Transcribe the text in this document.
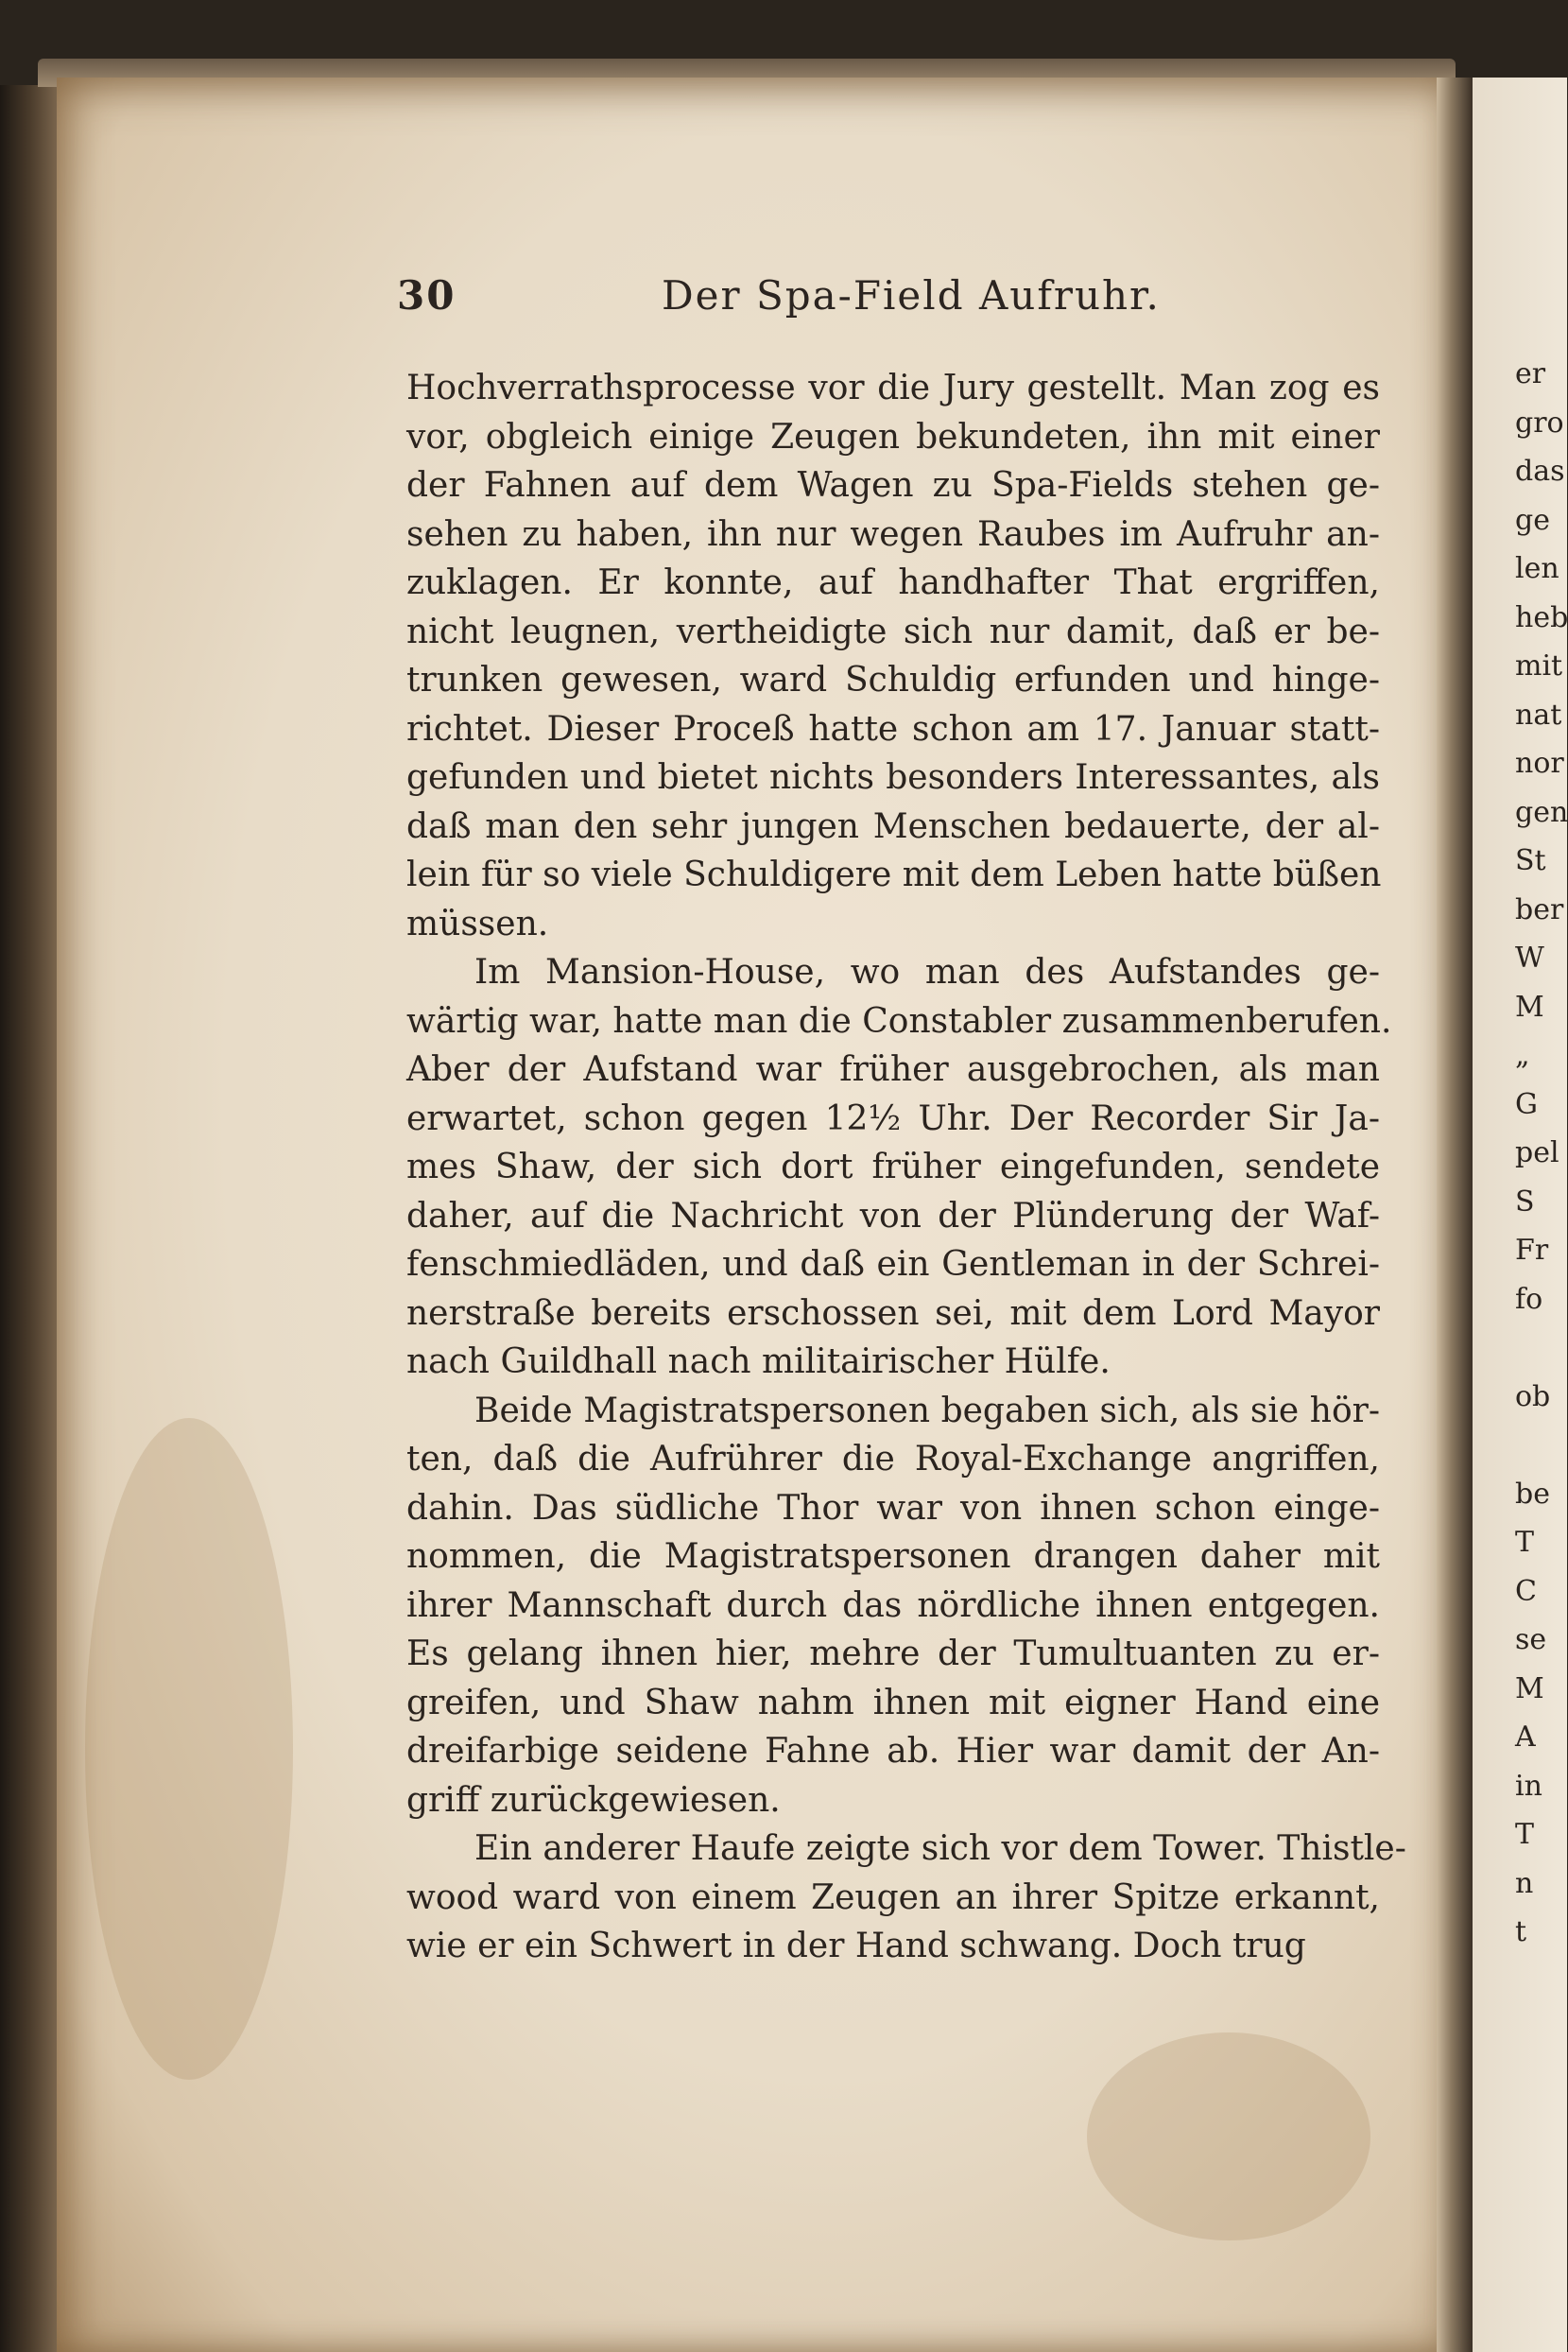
30	Der Spa-Field Aufruhr.
Hochverrathsprocesse vor die Jury gestellt. Man zog es
vor, obgleich einige Zeugen bekundeten, ihn mit einer
der Fahnen auf dem Wagen zu Spa-Fields stehen ge-
sehen zu haben, ihn nur wegen Raubes im Aufruhr an-
zuklagen. Er konnte, auf handhafter That ergriffen,
nicht leugnen, vertheidigte sich nur damit, daß er be-
trunken gewesen, ward Schuldig erfunden und hinge-
richtet. Dieser Proceß hatte schon am 17. Januar statt-
gefunden und bietet nichts besonders Interessantes, als
daß man den sehr jungen Menschen bedauerte, der al-
lein für so viele Schuldigere mit dem Leben hatte büßen
müssen.
Im Mansion-House, wo man des Aufstandes ge-
wärtig war, hatte man die Constabler zusammenberufen.
Aber der Aufstand war früher ausgebrochen, als man
erwartet, schon gegen 12½ Uhr. Der Recorder Sir Ja-
mes Shaw, der sich dort früher eingefunden, sendete
daher, auf die Nachricht von der Plünderung der Waf-
fenschmiedläden, und daß ein Gentleman in der Schrei-
nerstraße bereits erschossen sei, mit dem Lord Mayor
nach Guildhall nach militairischer Hülfe.
Beide Magistratspersonen begaben sich, als sie hör-
ten, daß die Aufrührer die Royal-Exchange angriffen,
dahin. Das südliche Thor war von ihnen schon einge-
nommen, die Magistratspersonen drangen daher mit
ihrer Mannschaft durch das nördliche ihnen entgegen.
Es gelang ihnen hier, mehre der Tumultuanten zu er-
greifen, und Shaw nahm ihnen mit eigner Hand eine
dreifarbige seidene Fahne ab. Hier war damit der An-
griff zurückgewiesen.
Ein anderer Haufe zeigte sich vor dem Tower. Thistle-
wood ward von einem Zeugen an ihrer Spitze erkannt,
wie er ein Schwert in der Hand schwang. Doch trug
er
gro
das
ge
len
heb
mit
nat
nor
gen
St
ber
W
M
„
G
pel
S
Fr
fo

ob

be
T
C
se
M
A
in
T
n
t
